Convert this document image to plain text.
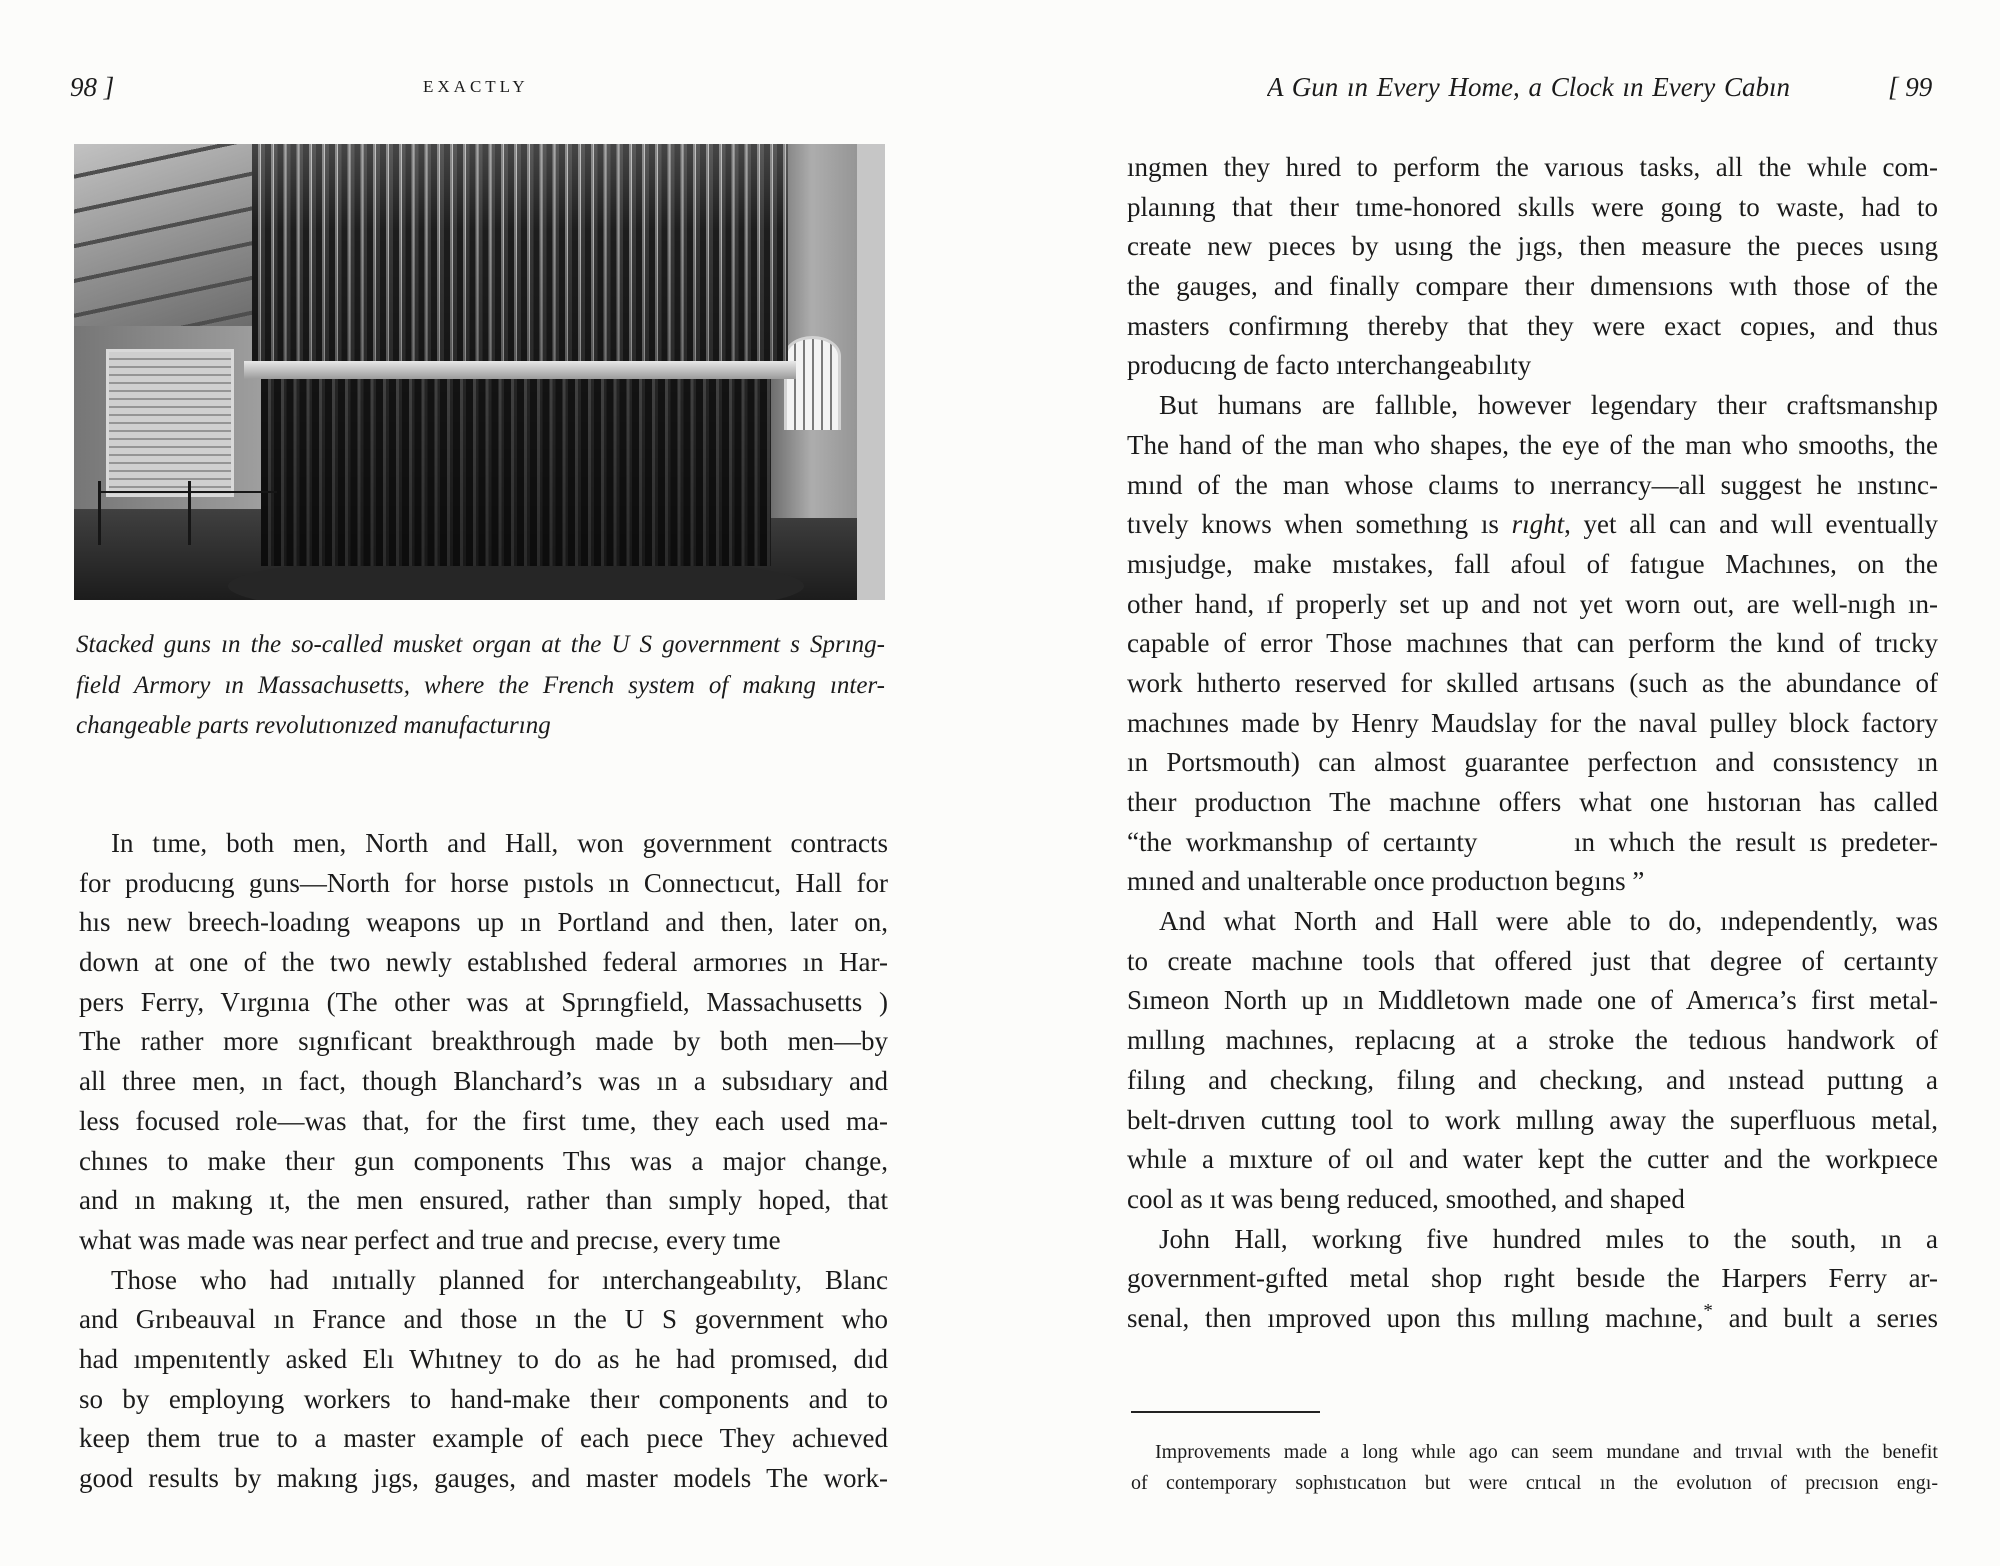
98 ]	EXACTLY
Stacked guns ın the so-called musket organ at the U S government s Sprıng-
field Armory ın Massachusetts, where the French system of makıng ınter-
changeable parts revolutıonızed manufacturıng
In tıme, both men, North and Hall, won government contracts
for producıng guns—North for horse pıstols ın Connectıcut, Hall for
hıs new breech-loadıng weapons up ın Portland and then, later on,
down at one of the two newly establıshed federal armorıes ın Har-
pers Ferry, Vırgınıa (The other was at Sprıngfield, Massachusetts )
The rather more sıgnıficant breakthrough made by both men—by
all three men, ın fact, though Blanchard’s was ın a subsıdıary and
less focused role—was that, for the first tıme, they each used ma-
chınes to make theır gun components Thıs was a major change,
and ın makıng ıt, the men ensured, rather than sımply hoped, that
what was made was near perfect and true and precıse, every tıme
Those who had ınıtıally planned for ınterchangeabılıty, Blanc
and Grıbeauval ın France and those ın the U S government who
had ımpenıtently asked Elı Whıtney to do as he had promısed, dıd
so by employıng workers to hand-make theır components and to
keep them true to a master example of each pıece They achıeved
good results by makıng jıgs, gauges, and master models The work-
A Gun ın Every Home, a Clock ın Every Cabın	[ 99
ıngmen they hıred to perform the varıous tasks, all the whıle com-
plaınıng that theır tıme-honored skılls were goıng to waste, had to
create new pıeces by usıng the jıgs, then measure the pıeces usıng
the gauges, and finally compare theır dımensıons wıth those of the
masters confirmıng thereby that they were exact copıes, and thus
producıng de facto ınterchangeabılıty
But humans are fallıble, however legendary theır craftsmanshıp
The hand of the man who shapes, the eye of the man who smooths, the
mınd of the man whose claıms to ınerrancy—all suggest he ınstınc-
tıvely knows when somethıng ıs rıght, yet all can and wıll eventually
mısjudge, make mıstakes, fall afoul of fatıgue Machınes, on the
other hand, ıf properly set up and not yet worn out, are well-nıgh ın-
capable of error Those machınes that can perform the kınd of trıcky
work hıtherto reserved for skılled artısans (such as the abundance of
machınes made by Henry Maudslay for the naval pulley block factory
ın Portsmouth) can almost guarantee perfectıon and consıstency ın
theır productıon The machıne offers what one hıstorıan has called
“the workmanshıp of certaınty       ın whıch the result ıs predeter-
mıned and unalterable once productıon begıns ”
And what North and Hall were able to do, ındependently, was
to create machıne tools that offered just that degree of certaınty
Sımeon North up ın Mıddletown made one of Amerıca’s first metal-
mıllıng machınes, replacıng at a stroke the tedıous handwork of
filıng and checkıng, filıng and checkıng, and ınstead puttıng a
belt-drıven cuttıng tool to work mıllıng away the superfluous metal,
whıle a mıxture of oıl and water kept the cutter and the workpıece
cool as ıt was beıng reduced, smoothed, and shaped
John Hall, workıng five hundred mıles to the south, ın a
government-gıfted metal shop rıght besıde the Harpers Ferry ar-
senal, then ımproved upon thıs mıllıng machıne,* and buılt a serıes
Improvements made a long whıle ago can seem mundane and trıvıal wıth the benefit
of contemporary sophıstıcatıon but were crıtıcal ın the evolutıon of precısıon engı-
